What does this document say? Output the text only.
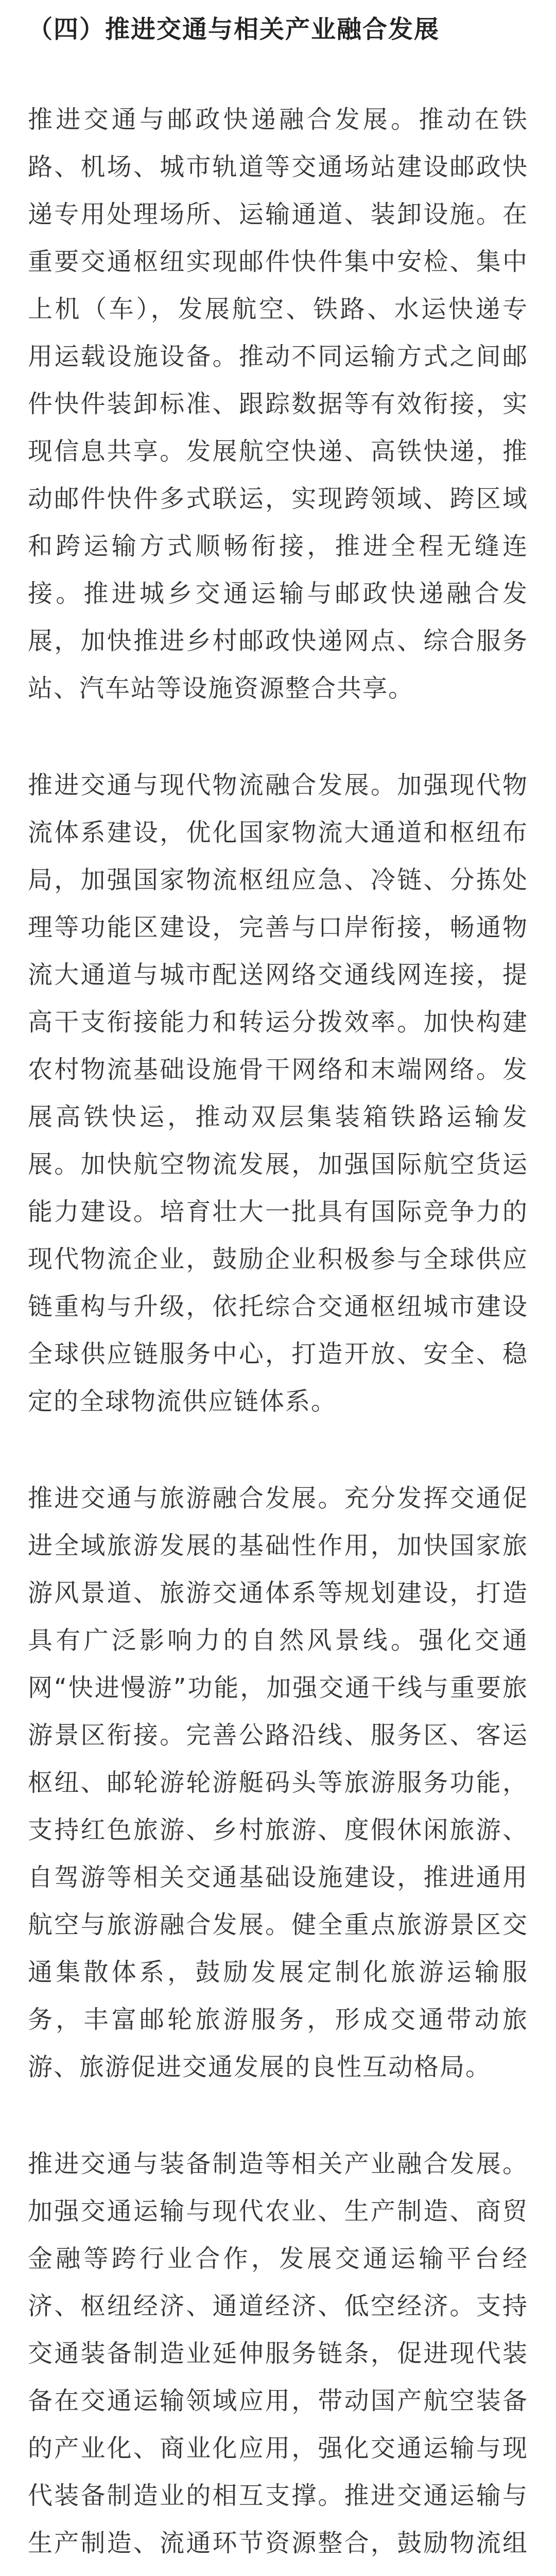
（四）推进交通与相关产业融合发展

推进交通与邮政快递融合发展。推动在铁路、机场、城市轨道等交通场站建设邮政快递专用处理场所、运输通道、装卸设施。在重要交通枢纽实现邮件快件集中安检、集中上机（车），发展航空、铁路、水运快递专用运载设施设备。推动不同运输方式之间邮件快件装卸标准、跟踪数据等有效衔接，实现信息共享。发展航空快递、高铁快递，推动邮件快件多式联运，实现跨领域、跨区域和跨运输方式顺畅衔接，推进全程无缝连接。推进城乡交通运输与邮政快递融合发展，加快推进乡村邮政快递网点、综合服务站、汽车站等设施资源整合共享。

推进交通与现代物流融合发展。加强现代物流体系建设，优化国家物流大通道和枢纽布局，加强国家物流枢纽应急、冷链、分拣处理等功能区建设，完善与口岸衔接，畅通物流大通道与城市配送网络交通线网连接，提高干支衔接能力和转运分拨效率。加快构建农村物流基础设施骨干网络和末端网络。发展高铁快运，推动双层集装箱铁路运输发展。加快航空物流发展，加强国际航空货运能力建设。培育壮大一批具有国际竞争力的现代物流企业，鼓励企业积极参与全球供应链重构与升级，依托综合交通枢纽城市建设全球供应链服务中心，打造开放、安全、稳定的全球物流供应链体系。

推进交通与旅游融合发展。充分发挥交通促进全域旅游发展的基础性作用，加快国家旅游风景道、旅游交通体系等规划建设，打造具有广泛影响力的自然风景线。强化交通网“快进慢游”功能，加强交通干线与重要旅游景区衔接。完善公路沿线、服务区、客运枢纽、邮轮游轮游艇码头等旅游服务功能，支持红色旅游、乡村旅游、度假休闲旅游、自驾游等相关交通基础设施建设，推进通用航空与旅游融合发展。健全重点旅游景区交通集散体系，鼓励发展定制化旅游运输服务，丰富邮轮旅游服务，形成交通带动旅游、旅游促进交通发展的良性互动格局。

推进交通与装备制造等相关产业融合发展。加强交通运输与现代农业、生产制造、商贸金融等跨行业合作，发展交通运输平台经济、枢纽经济、通道经济、低空经济。支持交通装备制造业延伸服务链条，促进现代装备在交通运输领域应用，带动国产航空装备的产业化、商业化应用，强化交通运输与现代装备制造业的相互支撑。推进交通运输与生产制造、流通环节资源整合，鼓励物流组
